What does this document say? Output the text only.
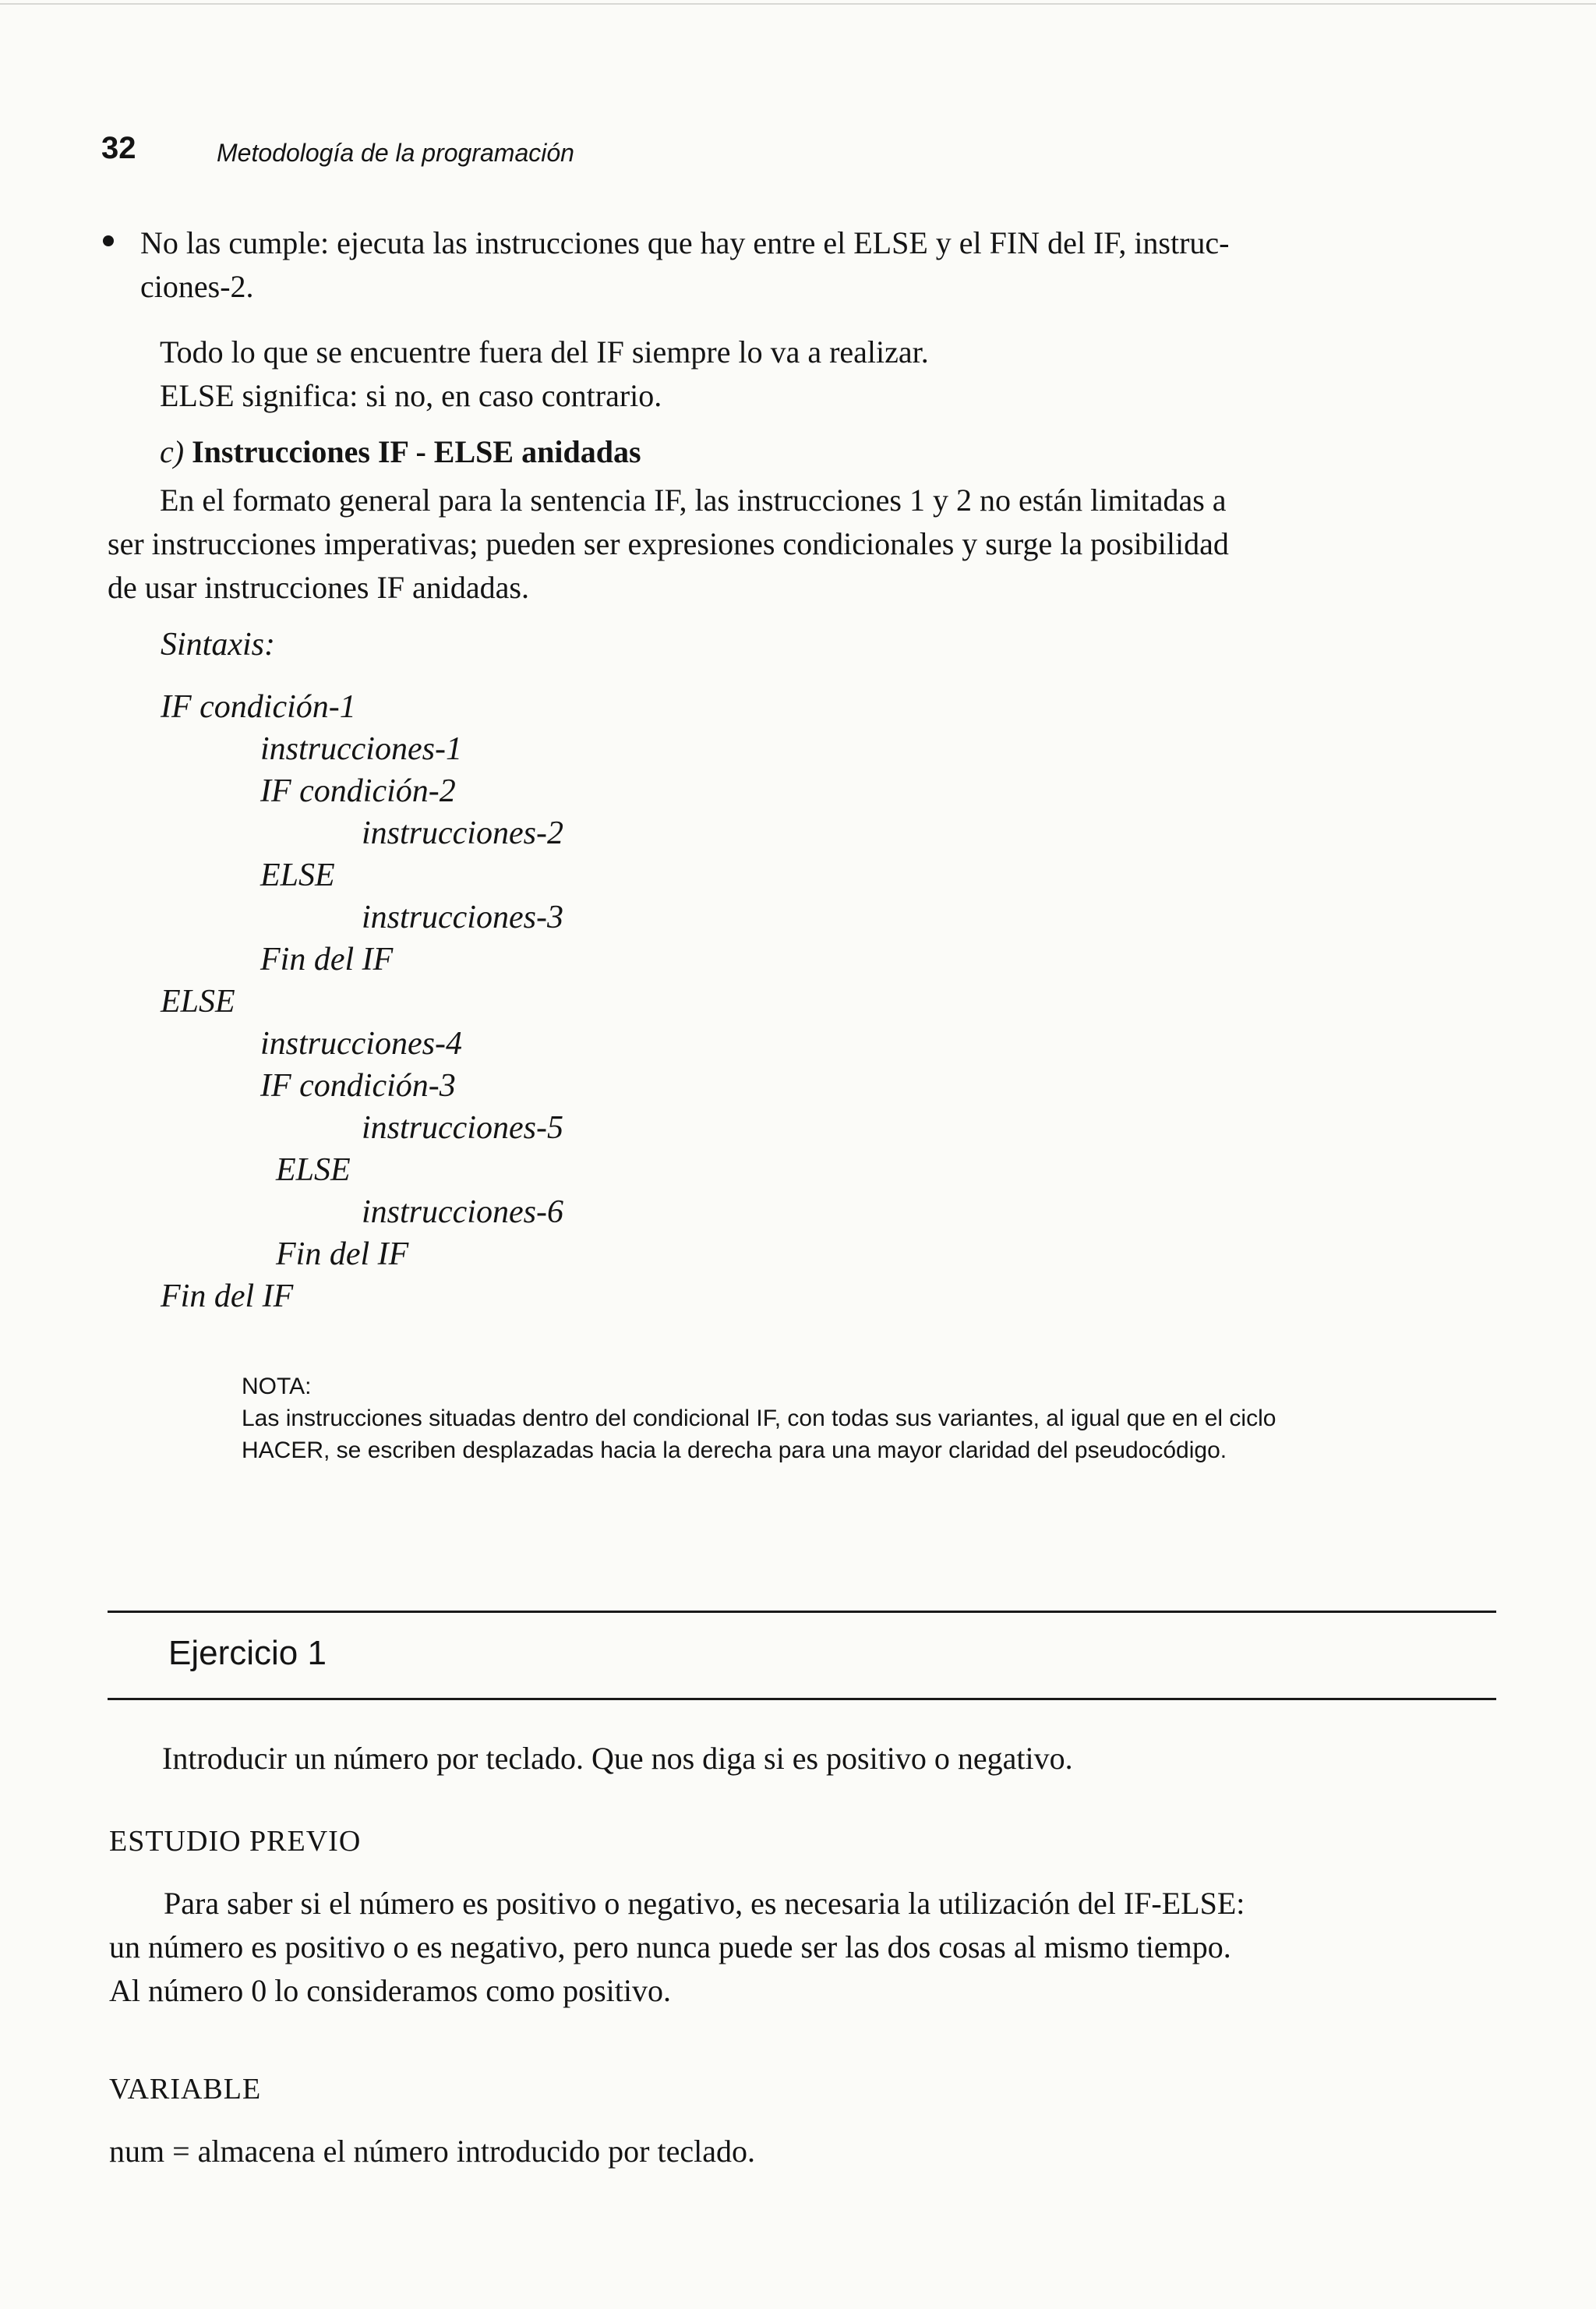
32	Metodología de la programación
No las cumple: ejecuta las instrucciones que hay entre el ELSE y el FIN del IF, instruc-
ciones-2.
Todo lo que se encuentre fuera del IF siempre lo va a realizar.
ELSE significa: si no, en caso contrario.
c) Instrucciones IF - ELSE anidadas
En el formato general para la sentencia IF, las instrucciones 1 y 2 no están limitadas a
ser instrucciones imperativas; pueden ser expresiones condicionales y surge la posibilidad
de usar instrucciones IF anidadas.
Sintaxis:
IF condición-1
instrucciones-1
IF condición-2
instrucciones-2
ELSE
instrucciones-3
Fin del IF
ELSE
instrucciones-4
IF condición-3
instrucciones-5
ELSE
instrucciones-6
Fin del IF
Fin del IF
NOTA:
Las instrucciones situadas dentro del condicional IF, con todas sus variantes, al igual que en el ciclo
HACER, se escriben desplazadas hacia la derecha para una mayor claridad del pseudocódigo.
Ejercicio 1
Introducir un número por teclado. Que nos diga si es positivo o negativo.
ESTUDIO PREVIO
Para saber si el número es positivo o negativo, es necesaria la utilización del IF-ELSE:
un número es positivo o es negativo, pero nunca puede ser las dos cosas al mismo tiempo.
Al número 0 lo consideramos como positivo.
VARIABLE
num = almacena el número introducido por teclado.
